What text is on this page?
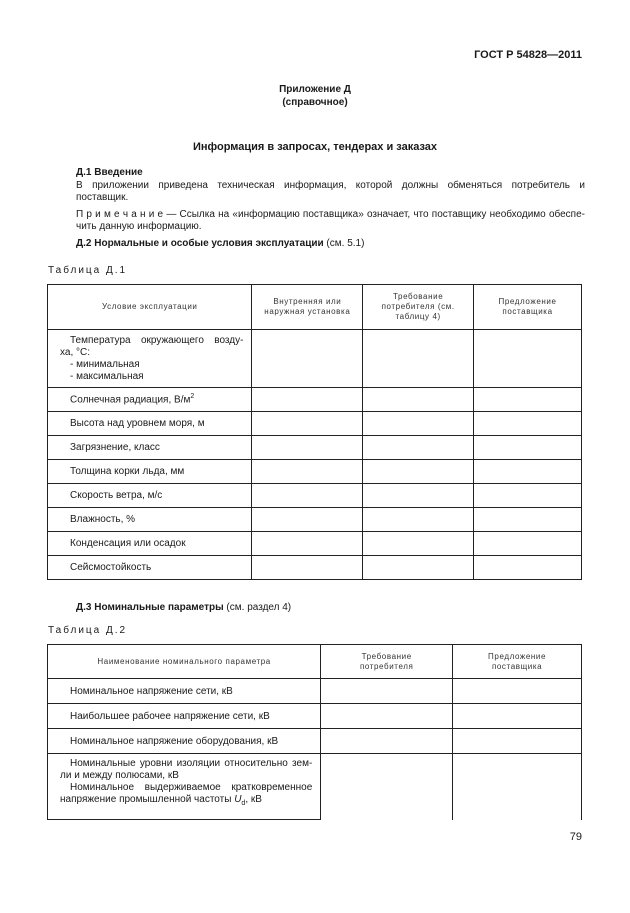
ГОСТ Р 54828—2011
Приложение Д
(справочное)
Информация в запросах, тендерах и заказах
Д.1 Введение
В приложении приведена техническая информация, которой должны обменяться потребитель и
поставщик.
П р и м е ч а н и е — Ссылка на «информацию поставщика» означает, что поставщику необходимо обеспе-
чить данную информацию.
Д.2 Нормальные и особые условия эксплуатации (см. 5.1)
Таблица Д.1
Условие эксплуатации	Внутренняя или наружная установка	Требование потребителя (см. таблицу 4)	Предложение поставщика

Температура окружающего возду-
ха, °С:
- минимальная
- максимальная			

Солнечная радиация, $В/м^2$			
Высота над уровнем моря, м			
Загрязнение, класс			
Толщина корки льда, мм			
Скорость ветра, м/с			
Влажность, %			
Конденсация или осадок			
Сейсмостойкость			
Д.3 Номинальные параметры (см. раздел 4)
Таблица Д.2
Наименование номинального параметра	Требование потребителя	Предложение поставщика
Номинальное напряжение сети, кВ		
Наибольшее рабочее напряжение сети, кВ		
Номинальное напряжение оборудования, кВ		

Номинальные уровни изоляции относительно зем-
ли и между полюсами, кВ
Номинальное выдерживаемое кратковременное
напряжение промышленной частоты $U_d$, кВ		

79
